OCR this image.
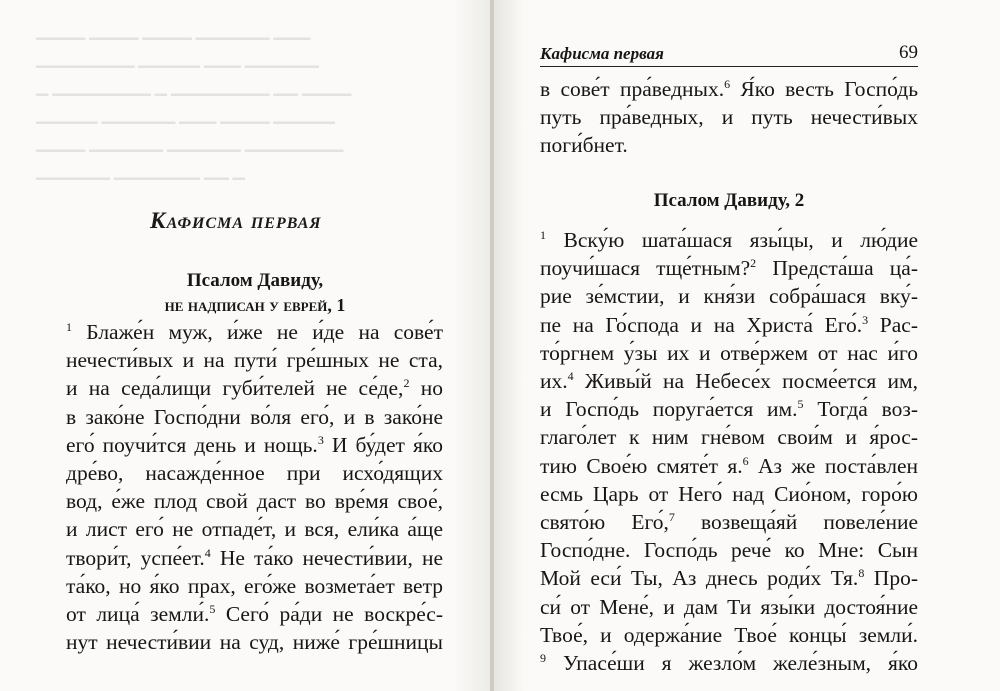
▁▁▁ ▁▁▁▁▁▁ ▁▁▁▁ ▁▁▁▁ ▁▁▁▁
▁▁▁▁▁▁ ▁▁▁ ▁▁▁▁▁ ▁▁▁▁▁▁▁▁
▁▁▁▁ ▁▁ ▁▁▁▁▁▁▁▁ ▁ ▁▁▁▁▁▁▁▁ ▁
▁▁▁▁▁ ▁▁▁▁ ▁▁▁ ▁▁▁▁▁▁ ▁▁▁▁▁
▁▁▁▁▁▁▁▁ ▁▁▁▁▁▁ ▁▁▁▁▁▁ ▁▁▁▁
▁ ▁▁ ▁▁▁▁▁▁▁ ▁▁▁▁▁▁
Кафисма первая
Псалом Давиду,
не надписан у еврей, 1
$^1$ Блаже́н муж, и́же не и́де на сове́т
нечести́вых и на пути́ гре́шных не ста,
и на седа́лищи губи́телей не се́де,$^2$ но
в зако́не Госпо́дни во́ля его́, и в зако́не
его́ поучи́тся день и нощь.$^3$ И бу́дет я́ко
дре́во, насажде́нное при исхо́дящих
вод, е́же плод свой даст во вре́мя свое́,
и лист его́ не отпаде́т, и вся, ели́ка а́ще
твори́т, успе́ет.$^4$ Не та́ко нечести́вии, не
та́ко, но я́ко прах, его́же возмета́ет ветр
от лица́ земли́.$^5$ Сего́ ра́ди не воскре́с-
нут нечести́вии на суд, ниже́ гре́шницы
Кафисма первая	69
в сове́т пра́ведных.$^6$ Я́ко весть Госпо́дь
путь пра́ведных, и путь нечести́вых
поги́бнет.
Псалом Давиду, 2
$^1$ Вску́ю шата́шася язы́цы, и лю́дие
поучи́шася тще́тным?$^2$ Предста́ша ца́-
рие зе́мстии, и кня́зи собра́шася вку́-
пе на Го́спода и на Христа́ Его́.$^3$ Рас-
то́ргнем у́зы их и отве́ржем от нас и́го
их.$^4$ Живы́й на Небесе́х посме́ется им,
и Госпо́дь поруга́ется им.$^5$ Тогда́ воз-
глаго́лет к ним гне́вом свои́м и я́рос-
тию Свое́ю смяте́т я.$^6$ Аз же поста́влен
есмь Царь от Него́ над Сио́ном, горо́ю
свято́ю Его́,$^7$ возвеща́яй повеле́ние
Госпо́дне. Госпо́дь рече́ ко Мне: Сын
Мой еси́ Ты, Аз днесь роди́х Тя.$^8$ Про-
си́ от Мене́, и дам Ти язы́ки достоя́ние
Твое́, и одержа́ние Твое́ концы́ земли́.
$^9$ Упасе́ши я жезло́м желе́зным, я́ко
